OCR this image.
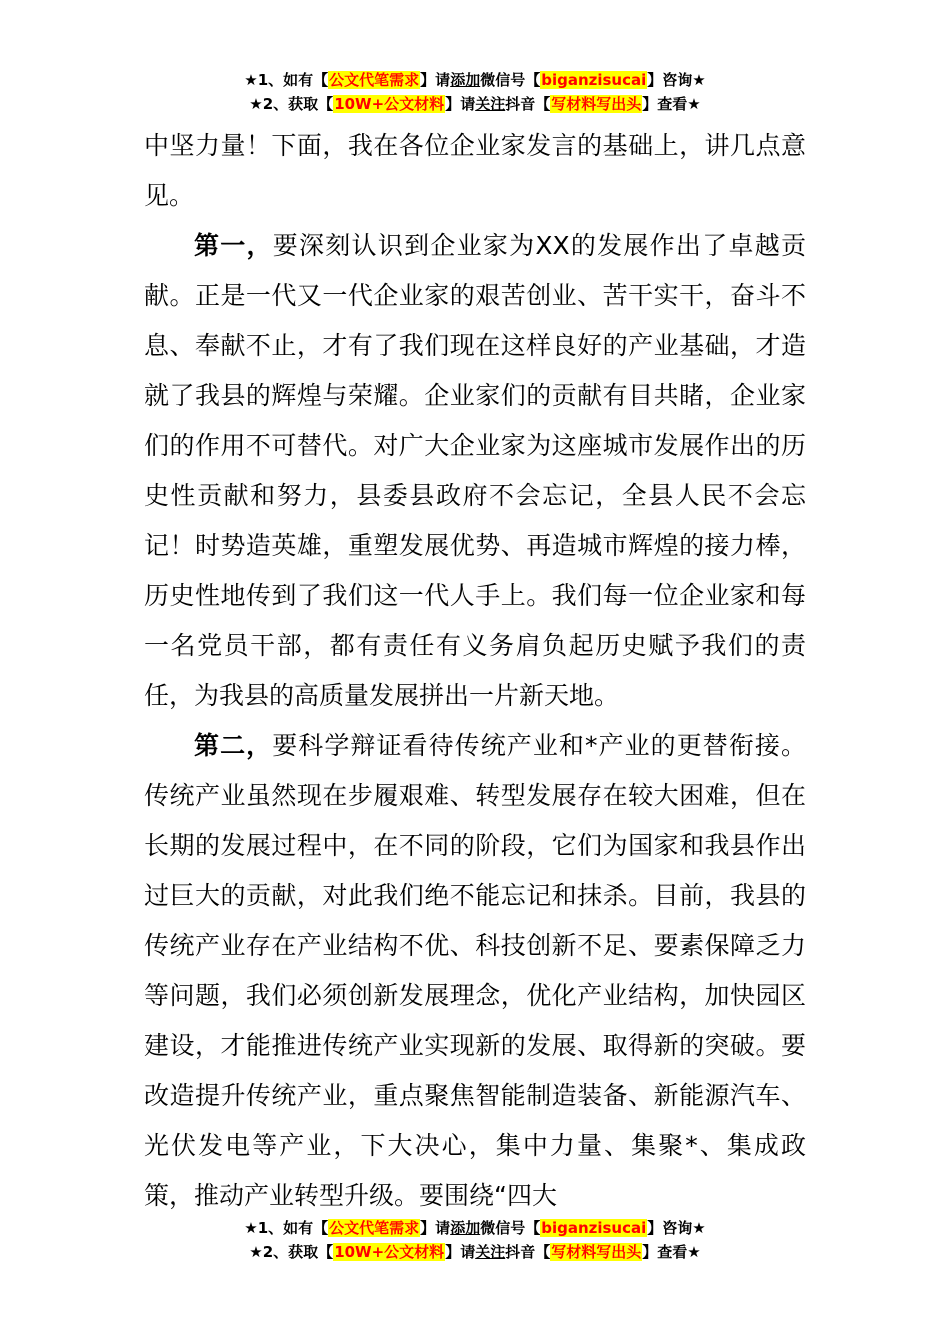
★1、如有【公文代笔需求】请添加微信号【biganzisucai】咨询★
★2、获取【10W+公文材料】请关注抖音【写材料写出头】查看★

中坚力量！下面，我在各位企业家发言的基础上，讲几点意见。

第一，要深刻认识到企业家为XX的发展作出了卓越贡献。正是一代又一代企业家的艰苦创业、苦干实干，奋斗不息、奉献不止，才有了我们现在这样良好的产业基础，才造就了我县的辉煌与荣耀。企业家们的贡献有目共睹，企业家们的作用不可替代。对广大企业家为这座城市发展作出的历史性贡献和努力，县委县政府不会忘记，全县人民不会忘记！时势造英雄，重塑发展优势、再造城市辉煌的接力棒，历史性地传到了我们这一代人手上。我们每一位企业家和每一名党员干部，都有责任有义务肩负起历史赋予我们的责任，为我县的高质量发展拼出一片新天地。

第二，要科学辩证看待传统产业和*产业的更替衔接。传统产业虽然现在步履艰难、转型发展存在较大困难，但在长期的发展过程中，在不同的阶段，它们为国家和我县作出过巨大的贡献，对此我们绝不能忘记和抹杀。目前，我县的传统产业存在产业结构不优、科技创新不足、要素保障乏力等问题，我们必须创新发展理念，优化产业结构，加快园区建设，才能推进传统产业实现新的发展、取得新的突破。要改造提升传统产业，重点聚焦智能制造装备、新能源汽车、光伏发电等产业，下大决心，集中力量、集聚*、集成政策，推动产业转型升级。要围绕“四大

★1、如有【公文代笔需求】请添加微信号【biganzisucai】咨询★
★2、获取【10W+公文材料】请关注抖音【写材料写出头】查看★
